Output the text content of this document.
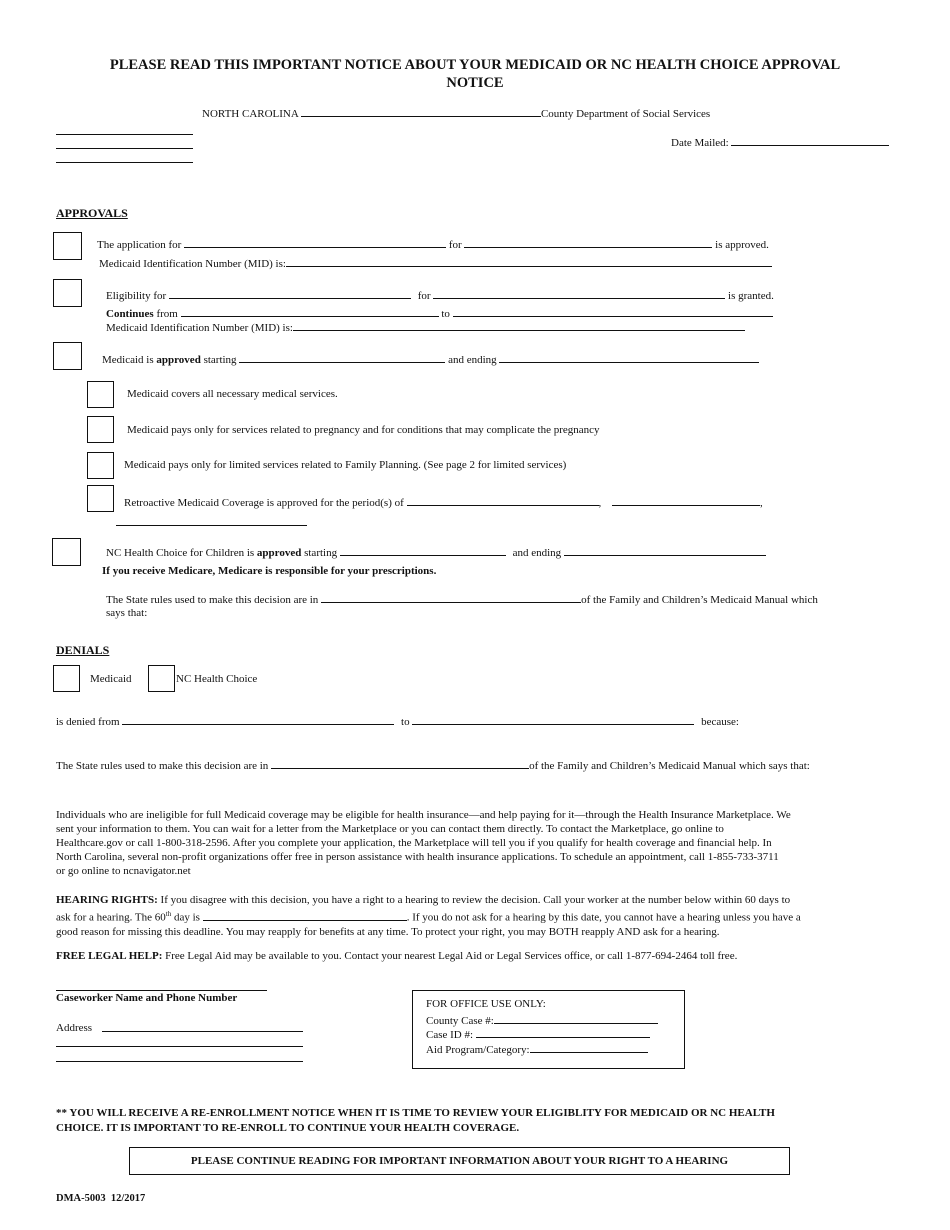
PLEASE READ THIS IMPORTANT NOTICE ABOUT YOUR MEDICAID OR NC HEALTH CHOICE APPROVAL
NOTICE
NORTH CAROLINA	County Department of Social Services
Date Mailed:
APPROVALS
The application for	for	is approved.
Medicaid Identification Number (MID) is:
Eligibility for	for	is granted.
Continues from	to
Medicaid Identification Number (MID) is:
Medicaid is approved starting	and ending
Medicaid covers all necessary medical services.
Medicaid pays only for services related to pregnancy and for conditions that may complicate the pregnancy
Medicaid pays only for limited services related to Family Planning. (See page 2 for limited services)
Retroactive Medicaid Coverage is approved for the period(s) of	,	,
NC Health Choice for Children is approved starting	and ending
If you receive Medicare, Medicare is responsible for your prescriptions.
The State rules used to make this decision are in	of the Family and Children’s Medicaid Manual which
says that:
DENIALS
Medicaid	NC Health Choice
is denied from	to	because:
The State rules used to make this decision are in	of the Family and Children’s Medicaid Manual which says that:
Individuals who are ineligible for full Medicaid coverage may be eligible for health insurance—and help paying for it—through the Health Insurance Marketplace. We
sent your information to them. You can wait for a letter from the Marketplace or you can contact them directly. To contact the Marketplace, go online to
Healthcare.gov or call 1-800-318-2596. After you complete your application, the Marketplace will tell you if you qualify for health coverage and financial help. In
North Carolina, several non-profit organizations offer free in person assistance with health insurance applications. To schedule an appointment, call 1-855-733-3711
or go online to ncnavigator.net
HEARING RIGHTS: If you disagree with this decision, you have a right to a hearing to review the decision. Call your worker at the number below within 60 days to
ask for a hearing. The 60th day is	. If you do not ask for a hearing by this date, you cannot have a hearing unless you have a
good reason for missing this deadline. You may reapply for benefits at any time. To protect your right, you may BOTH reapply AND ask for a hearing.
FREE LEGAL HELP: Free Legal Aid may be available to you. Contact your nearest Legal Aid or Legal Services office, or call 1-877-694-2464 toll free.
Caseworker Name and Phone Number
Address
FOR OFFICE USE ONLY:
County Case #:
Case ID #:
Aid Program/Category:
** YOU WILL RECEIVE A RE-ENROLLMENT NOTICE WHEN IT IS TIME TO REVIEW YOUR ELIGIBLITY FOR MEDICAID OR NC HEALTH
CHOICE. IT IS IMPORTANT TO RE-ENROLL TO CONTINUE YOUR HEALTH COVERAGE.
PLEASE CONTINUE READING FOR IMPORTANT INFORMATION ABOUT YOUR RIGHT TO A HEARING
DMA-5003  12/2017
